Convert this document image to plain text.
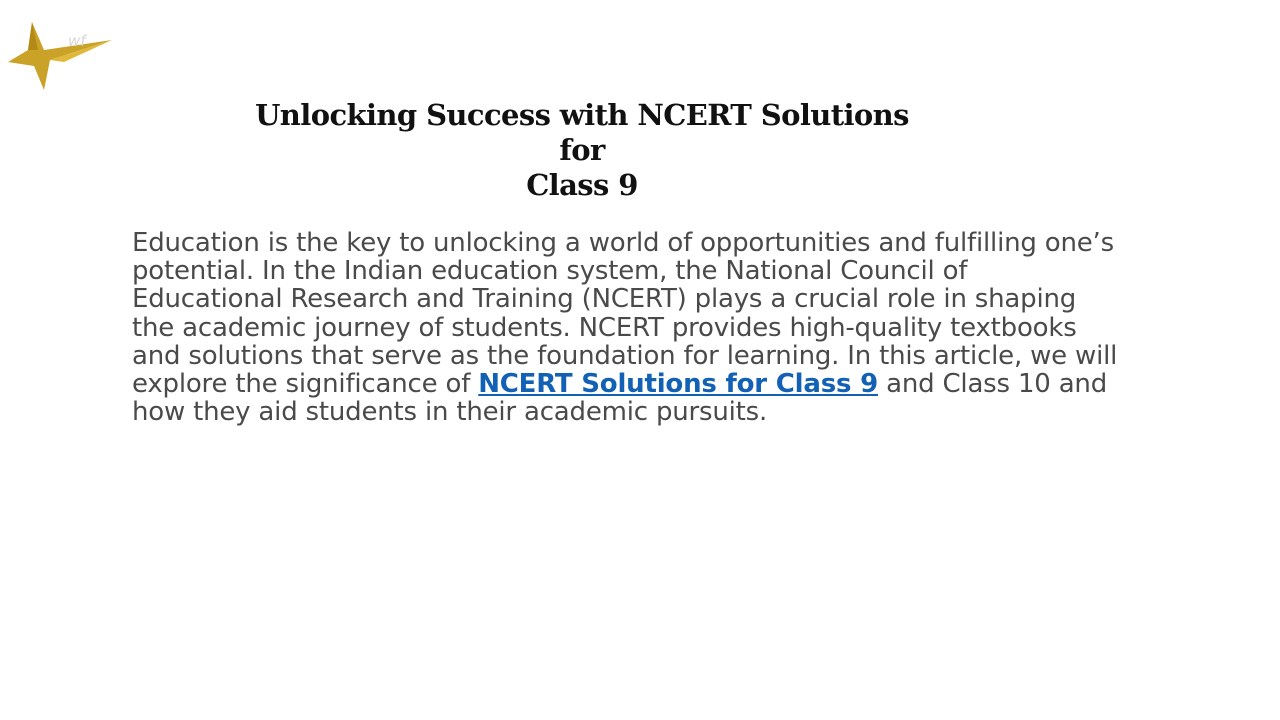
wf
Unlocking Success with NCERT Solutions for
Class 9

Education is the key to unlocking a world of opportunities and fulfilling one’s potential. In the Indian education system, the National Council of Educational Research and Training (NCERT) plays a crucial role in shaping the academic journey of students. NCERT provides high-quality textbooks and solutions that serve as the foundation for learning. In this article, we will explore the significance of NCERT Solutions for Class 9 and Class 10 and how they aid students in their academic pursuits.
